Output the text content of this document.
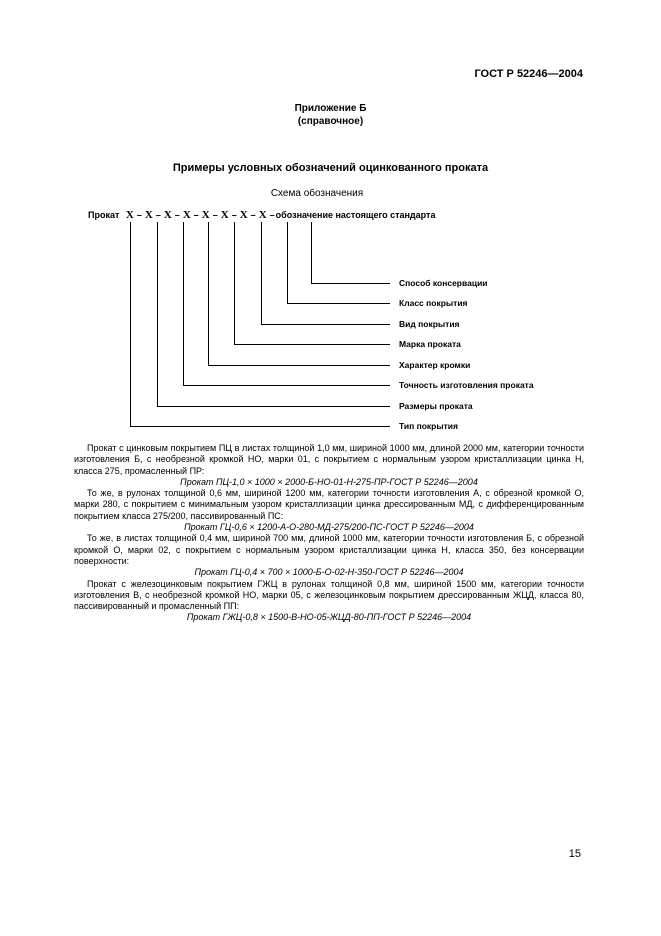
ГОСТ Р 52246—2004
Приложение Б
(справочное)
Примеры условных обозначений оцинкованного проката
Схема обозначения
Прокат Х – Х – Х – Х – Х – Х – Х – Х –обозначение настоящего стандарта
Способ консервации
Класс покрытия
Вид покрытия
Марка проката
Характер кромки
Точность изготовления проката
Размеры проката
Тип покрытия

Прокат с цинковым покрытием ПЦ в листах толщиной 1,0 мм, шириной 1000 мм, длиной 2000 мм, категории точности изготовления Б, с необрезной кромкой НО, марки 01, с покрытием с нормальным узором кристаллизации цинка Н, класса 275, промасленный ПР:

Прокат ПЦ-1,0 × 1000 × 2000-Б-НО-01-Н-275-ПР-ГОСТ Р 52246—2004

То же, в рулонах толщиной 0,6 мм, шириной 1200 мм, категории точности изготовления А, с обрезной кромкой О, марки 280, с покрытием с минимальным узором кристаллизации цинка дрессированным МД, с дифференцированным покрытием класса 275/200, пассивированный ПС:

Прокат ГЦ-0,6 × 1200-А-О-280-МД-275/200-ПС-ГОСТ Р 52246—2004

То же, в листах толщиной 0,4 мм, шириной 700 мм, длиной 1000 мм, категории точности изготовления Б, с обрезной кромкой О, марки 02, с покрытием с нормальным узором кристаллизации цинка Н, класса 350, без консервации поверхности:

Прокат ГЦ-0,4 × 700 × 1000-Б-О-02-Н-350-ГОСТ Р 52246—2004

Прокат с железоцинковым покрытием ГЖЦ в рулонах толщиной 0,8 мм, шириной 1500 мм, категории точности изготовления В, с необрезной кромкой НО, марки 05, с железоцинковым покрытием дрессированным ЖЦД, класса 80, пассивированный и промасленный ПП:

Прокат ГЖЦ-0,8 × 1500-В-НО-05-ЖЦД-80-ПП-ГОСТ Р 52246—2004

15
